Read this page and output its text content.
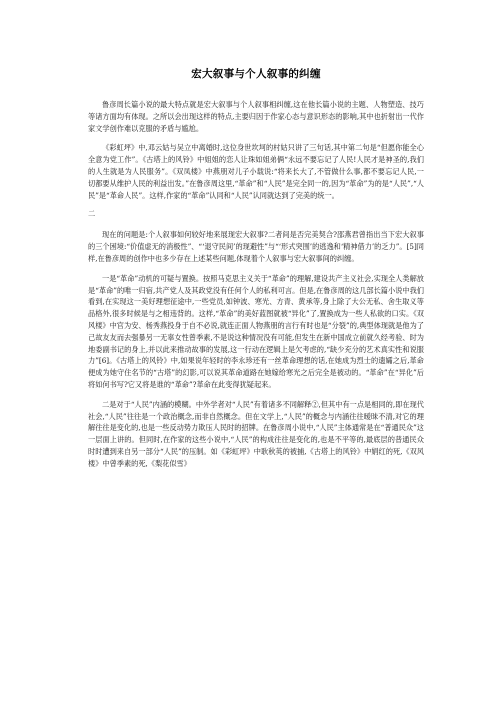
宏大叙事与个人叙事的纠缠

鲁彦周长篇小说的最大特点就是宏大叙事与个人叙事相纠缠,这在他长篇小说的主题、人物塑造、技巧等诸方面均有体现。之所以会出现这样的特点,主要归因于作家心态与意识形态的影响,其中也折射出一代作家文学创作难以克服的矛盾与尴尬。

《彩虹坪》中,邓云姑与吴立中离婚时,这位身世坎坷的村姑只讲了三句话,其中第二句是“但愿你能全心全意为党工作”。《古塔上的风铃》中姐姐的恋人让珠如姐弟俩“永远不要忘记了人民!人民才是神圣的,我们的人生就是为人民服务”。《双凤楼》中燕朋对儿子小载说:“将来长大了,不管做什么事,都不要忘记人民,一切都要从维护人民的利益出发。”在鲁彦周这里,“革命”和“人民”是完全同一的,因为“革命”为的是“人民”,“人民”是“革命人民”。这样,作家的“革命”认同和“人民”认同就达到了完美的统一。

二

现在的问题是:个人叙事如何较好地来展现宏大叙事?二者间是否完美契合?邵燕君曾指出当下宏大叙事的三个困境:“价值虚无的消极性”、“‘退守民间’的现避性”与“‘形式突围’的逃逸和‘精神借力’的乏力”。[5]同样,在鲁彦周的创作中也多少存在上述某些问题,体现着个人叙事与宏大叙事间的纠缠。

一是“革命”动机的可疑与置换。按照马克思主义关于“革命”的理解,建设共产主义社会,实现全人类解放是“革命”的唯一归宿,共产党人及其政党没有任何个人的私利可言。但是,在鲁彦周的这几部长篇小说中我们看到,在实现这一美好理想征途中,一些党员,如钟波、寒光、方青、黄承等,身上除了大公无私、舍生取义等品格外,很多时候是与之相违背的。这样,“革命”的美好蓝图就被“异化”了,置换成为一些人私欲的口实。《双风楼》中官为安、杨秀燕投身于自不必说,就连正面人物燕朋的言行有时也是“分裂”的,典型体现就是他为了己故友友而去强暴另一无辜女性曾季素,不是说这种情况没有可能,但发生在新中国成立前就久经考验、时为地委副书记的身上,并以此来推动故事的发展,这一行动在逻辑上是欠考虑的,“缺少充分的艺术真实性和说服力”[6]。《古塔上的风铃》中,如果说年轻时的李永珍还有一丝革命理想的话,在她成为烈士的遗孀之后,革命便成为她守住名节的“古塔”的幻影,可以说其革命道路在她嫁给寒光之后完全是被动的。“革命”在“异化”后将如何书写?它又将是谁的“革命”?革命在此变得犹疑起来。

二是对于“人民”内涵的模糊。中外学者对“人民”有着诸多不同解释②,但其中有一点是相同的,即在现代社会,“人民”往往是一个政治概念,而非自然概念。但在文学上,“人民”的概念与内涵往往暧昧不清,对它的理解往往是变化的,也是一些反动势力欺压人民时的招牌。在鲁彦周小说中,“人民”主体通常是在“普通民众”这一层面上讲的。但同时,在作家的这些小说中,“人民”的构成往往是变化的,也是不平等的,最底层的普通民众时时遭到来自另一部分“人民”的压制。如《彩虹坪》中耿秋英的被捕,《古塔上的风铃》中娟红的死,《双风楼》中曾季素的死,《梨花似雪》
